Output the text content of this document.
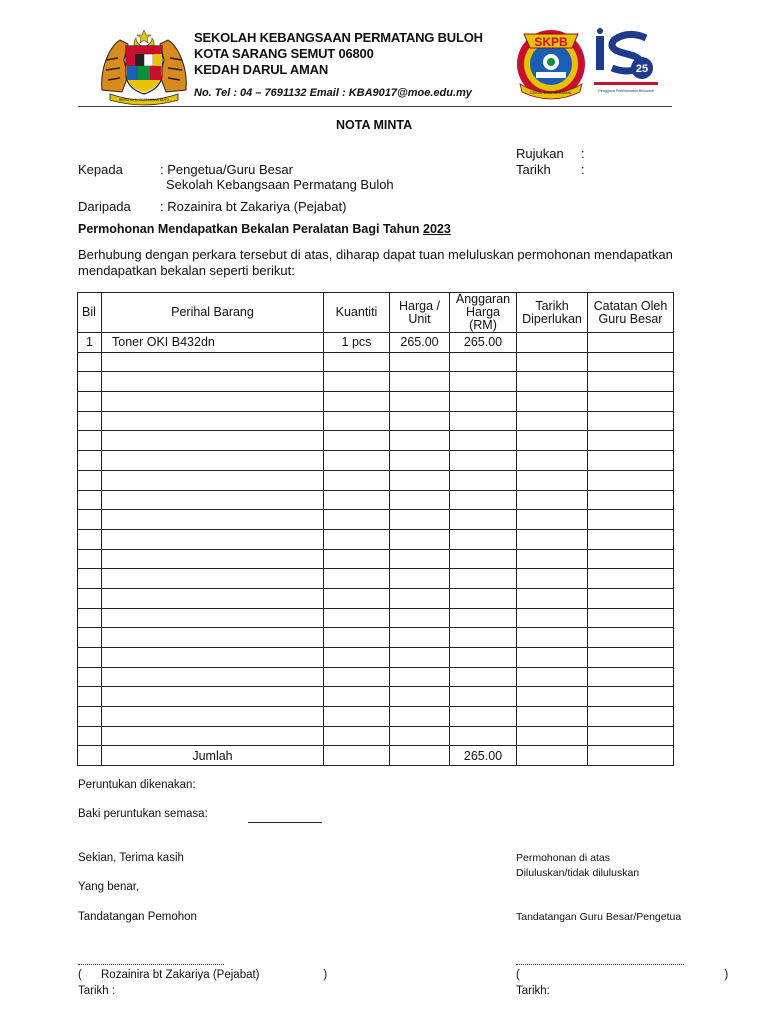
BERSEKUTU BERTAMBAH MUTU
SEKOLAH KEBANGSAAN PERMATANG BULOH
KOTA SARANG SEMUT 06800
KEDAH DARUL AMAN
No. Tel : 04 – 7691132 Email : KBA9017@moe.edu.my
SKPB
CEKAL DAN BERAMAL
25
Pengguna Perkhidmatan Berkualiti
NOTA MINTA
Rujukan :
Tarikh :
Kepada	: Pengetua/Guru Besar
Sekolah Kebangsaan Permatang Buloh
Daripada : Rozainira bt Zakariya (Pejabat)
Permohonan Mendapatkan Bekalan Peralatan Bagi Tahun 2023
Berhubung dengan perkara tersebut di atas, diharap dapat tuan meluluskan permohonan mendapatkan
mendapatkan bekalan seperti berikut:
Bil	Perihal Barang	Kuantiti	Harga / Unit	Anggaran Harga (RM)	Tarikh Diperlukan	Catatan Oleh Guru Besar
1	Toner OKI B432dn	1 pcs	265.00	265.00		

	Jumlah			265.00		
Peruntukan dikenakan:
Baki peruntukan semasa:
Sekian, Terima kasih
Yang benar,
Tandatangan Pemohon
(      Rozainira bt Zakariya (Pejabat)                    )
Tarikh :
Permohonan di atas
Diluluskan/tidak diluluskan
Tandatangan Guru Besar/Pengetua
(                                                                )
Tarikh:
